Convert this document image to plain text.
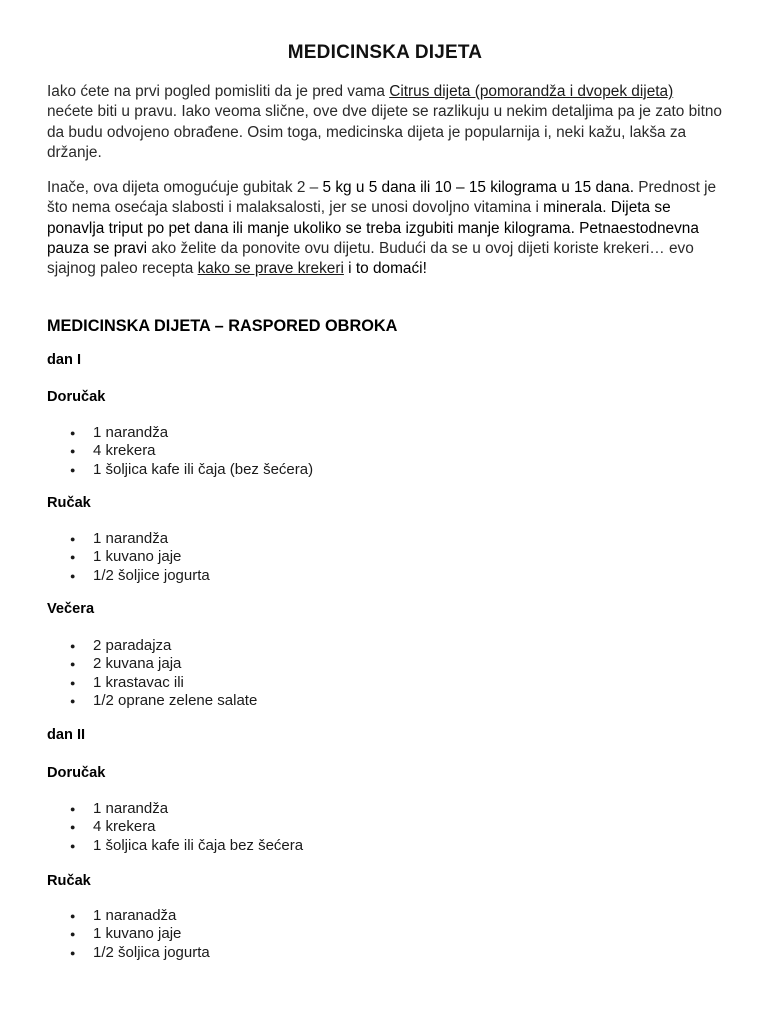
MEDICINSKA DIJETA

Iako ćete na prvi pogled pomisliti da je pred vama Citrus dijeta (pomorandža i dvopek dijeta) nećete biti u pravu. Iako veoma slične, ove dve dijete se razlikuju u nekim detaljima pa je zato bitno da budu odvojeno obrađene. Osim toga, medicinska dijeta je popularnija i, neki kažu, lakša za držanje.

Inače, ova dijeta omogućuje gubitak 2 – 5 kg u 5 dana ili 10 – 15 kilograma u 15 dana. Prednost je što nema osećaja slabosti i malaksalosti, jer se unosi dovoljno vitamina i minerala. Dijeta se ponavlja triput po pet dana ili manje ukoliko se treba izgubiti manje kilograma. Petnaestodnevna pauza se pravi ako želite da ponovite ovu dijetu. Budući da se u ovoj dijeti koriste krekeri… evo sjajnog paleo recepta kako se prave krekeri i to domaći!

MEDICINSKA DIJETA – RASPORED OBROKA
dan I
Doručak
● 1 narandža
● 4 krekera
● 1 šoljica kafe ili čaja (bez šećera)
Ručak
● 1 narandža
● 1 kuvano jaje
● 1/2 šoljice jogurta
Večera
● 2 paradajza
● 2 kuvana jaja
● 1 krastavac ili
● 1/2 oprane zelene salate
dan II
Doručak
● 1 narandža
● 4 krekera
● 1 šoljica kafe ili čaja bez šećera
Ručak
● 1 naranadža
● 1 kuvano jaje
● 1/2 šoljica jogurta
